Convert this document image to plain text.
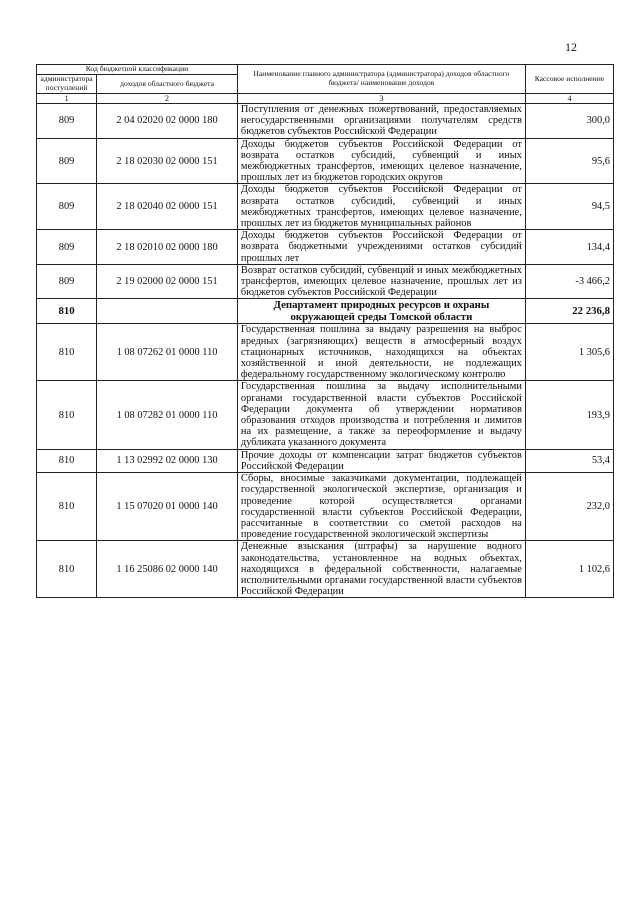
12
Код бюджетной классификации		Наименование главного администратора (администратора) доходов областного бюджета/ наименование доходов	Кассовое исполнение
администратора поступлений	доходов областного бюджета		
1	2	3	4
809	2 04 02020 02 0000 180	Поступления от денежных пожертвований, предоставляемых негосударственными организациями получателям средств бюджетов субъектов Российской Федерации	300,0
809	2 18 02030 02 0000 151	Доходы бюджетов субъектов Российской Федерации от возврата остатков субсидий, субвенций и иных межбюджетных трансфертов, имеющих целевое назначение, прошлых лет из бюджетов городских округов	95,6
809	2 18 02040 02 0000 151	Доходы бюджетов субъектов Российской Федерации от возврата остатков субсидий, субвенций и иных межбюджетных трансфертов, имеющих целевое назначение, прошлых лет из бюджетов муниципальных районов	94,5
809	2 18 02010 02 0000 180	Доходы бюджетов субъектов Российской Федерации от возврата бюджетными учреждениями остатков субсидий прошлых лет	134,4
809	2 19 02000 02 0000 151	Возврат остатков субсидий, субвенций и иных межбюджетных трансфертов, имеющих целевое назначение, прошлых лет из бюджетов субъектов Российской Федерации	-3 466,2
810		Департамент природных ресурсов и охраны окружающей среды Томской области	22 236,8
810	1 08 07262 01 0000 110	Государственная пошлина за выдачу разрешения на выброс вредных (загрязняющих) веществ в атмосферный воздух стационарных источников, находящихся на объектах хозяйственной и иной деятельности, не подлежащих федеральному государственному экологическому контролю	1 305,6
810	1 08 07282 01 0000 110	Государственная пошлина за выдачу исполнительными органами государственной власти субъектов Российской Федерации документа об утверждении нормативов образования отходов производства и потребления и лимитов на их размещение, а также за переоформление и выдачу дубликата указанного документа	193,9
810	1 13 02992 02 0000 130	Прочие доходы от компенсации затрат бюджетов субъектов Российской Федерации	53,4
810	1 15 07020 01 0000 140	Сборы, вносимые заказчиками документации, подлежащей государственной экологической экспертизе, организация и проведение которой осуществляется органами государственной власти субъектов Российской Федерации, рассчитанные в соответствии со сметой расходов на проведение государственной экологической экспертизы	232,0
810	1 16 25086 02 0000 140	Денежные взыскания (штрафы) за нарушение водного законодательства, установленное на водных объектах, находящихся в федеральной собственности, налагаемые исполнительными органами государственной власти субъектов Российской Федерации	1 102,6
